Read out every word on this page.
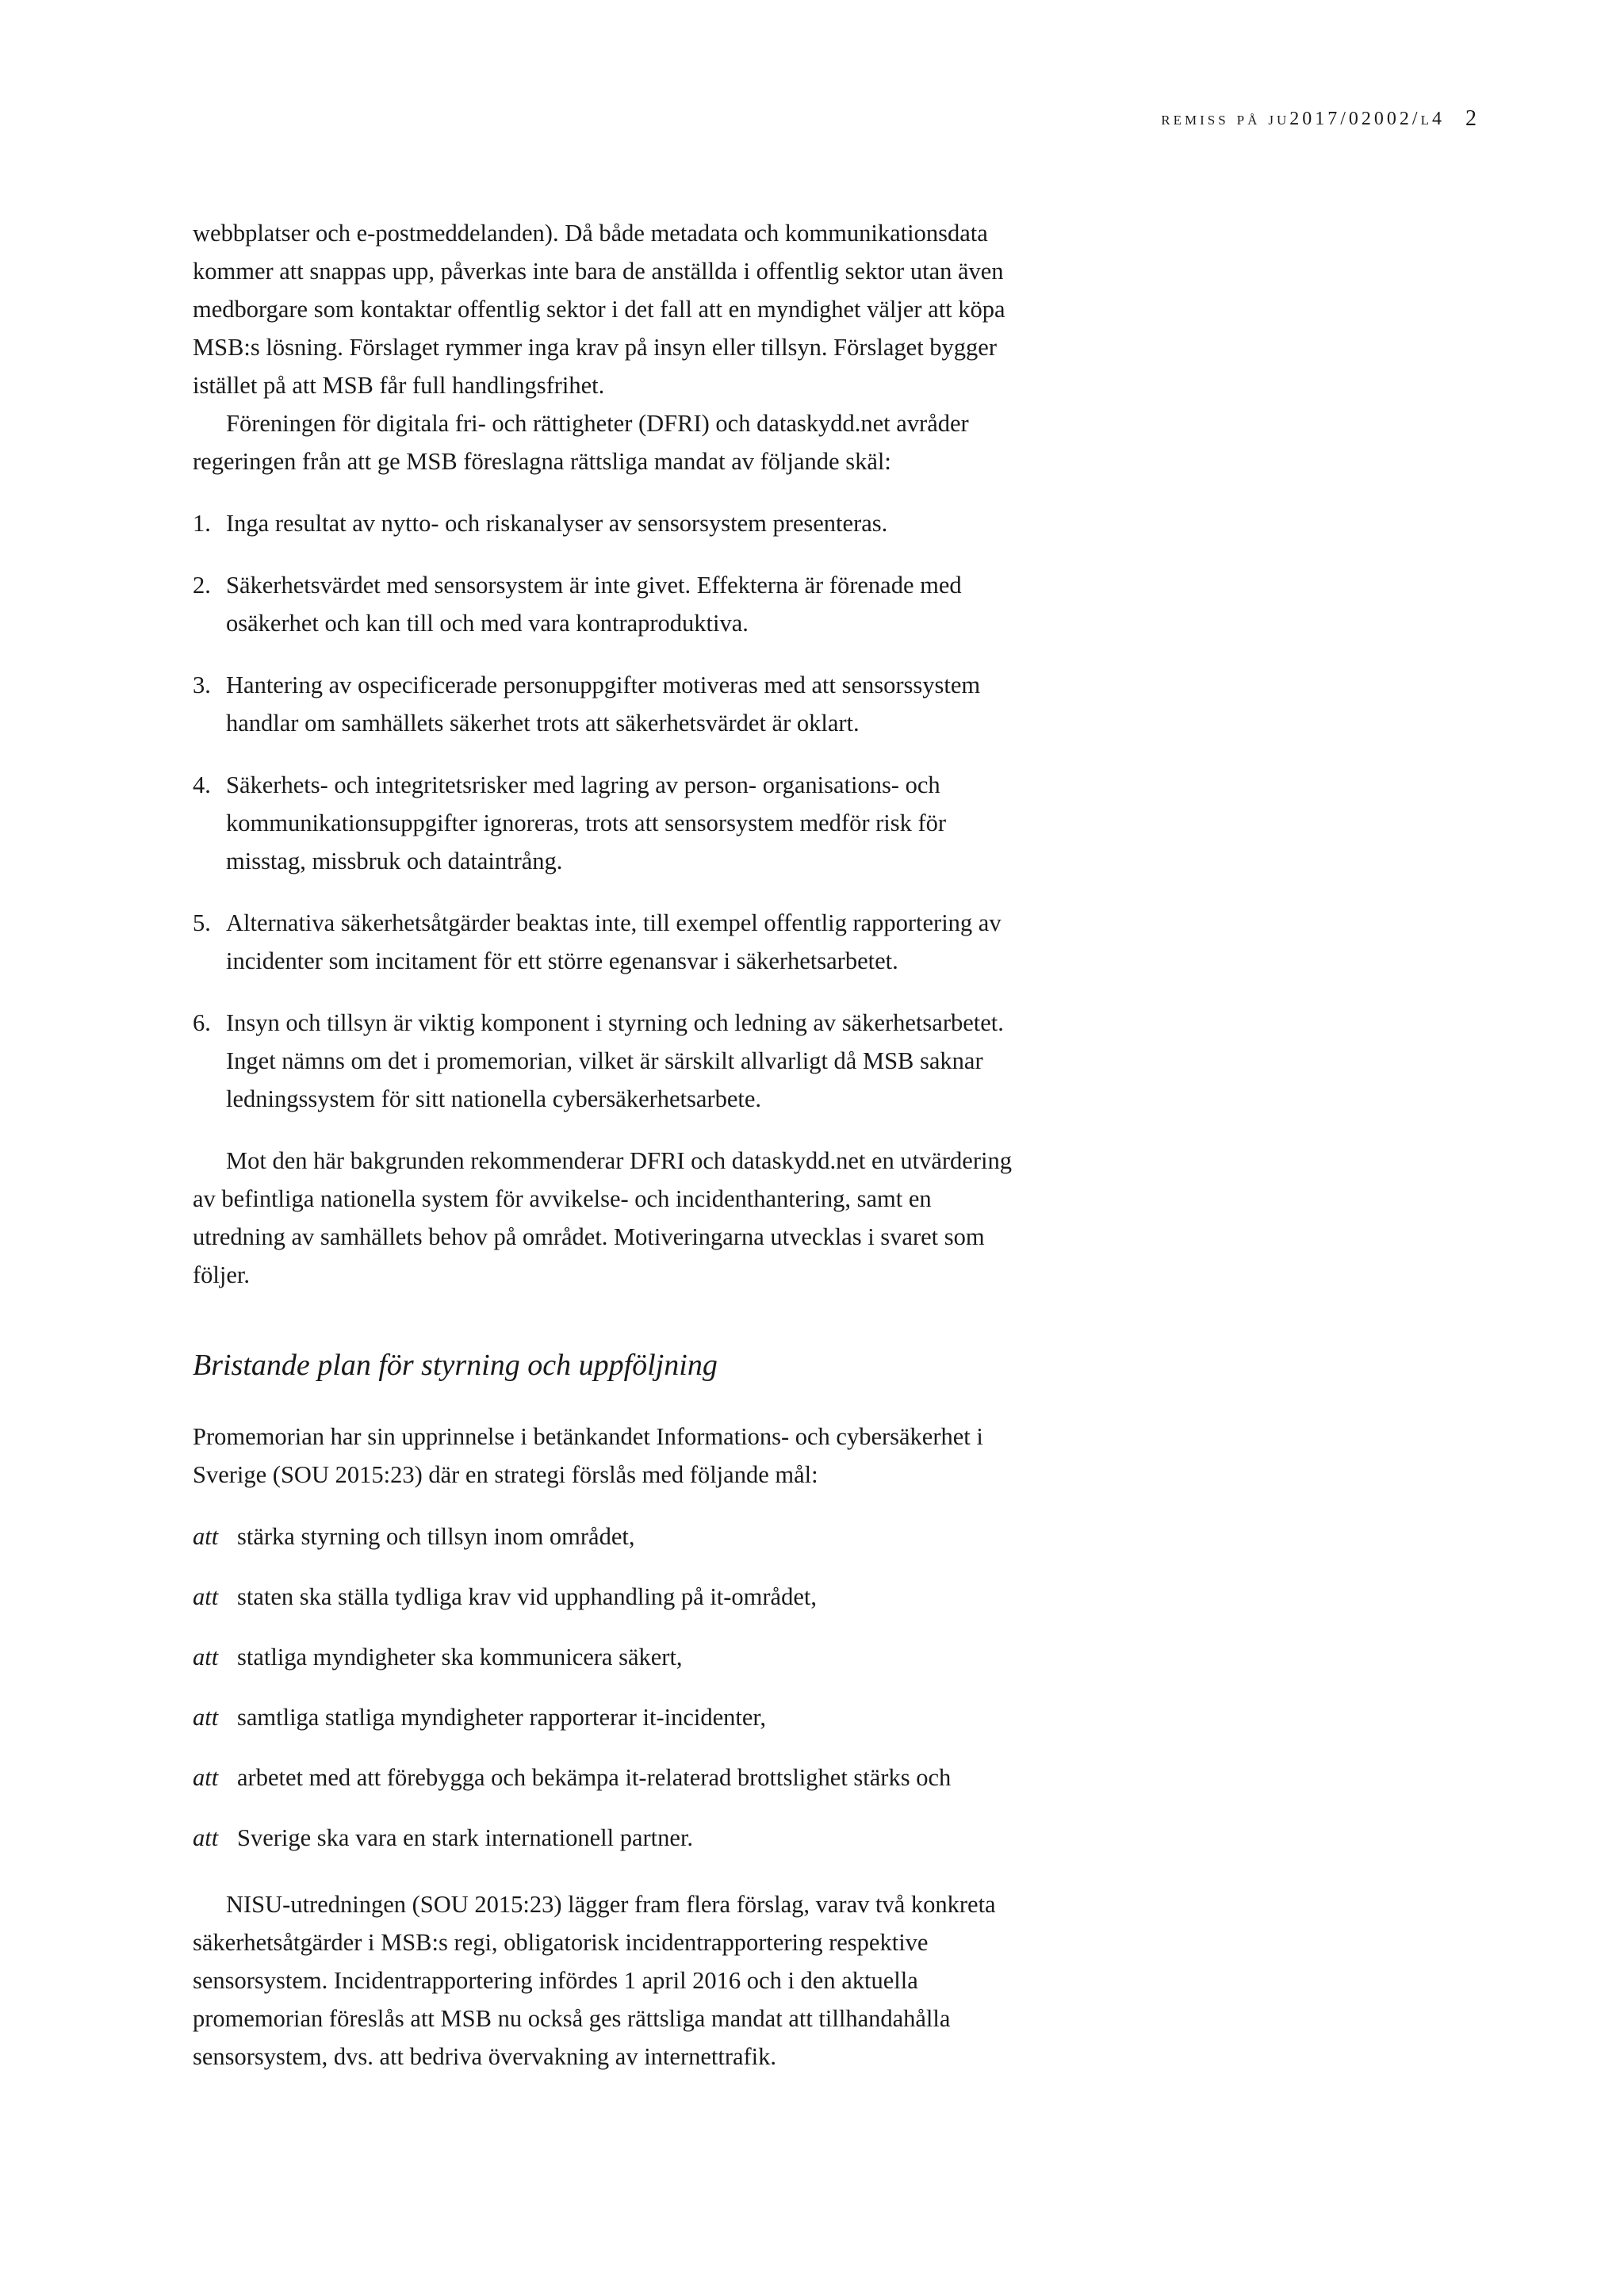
remiss på ju2017/02002/l4 2

webbplatser och e-postmeddelanden). Då både metadata och kommunikationsdata kommer att snappas upp, påverkas inte bara de anställda i offentlig sektor utan även medborgare som kontaktar offentlig sektor i det fall att en myndighet väljer att köpa MSB:s lösning. Förslaget rymmer inga krav på insyn eller tillsyn. Förslaget bygger istället på att MSB får full handlingsfrihet.

Föreningen för digitala fri- och rättigheter (DFRI) och dataskydd.net avråder regeringen från att ge MSB föreslagna rättsliga mandat av följande skäl:

1. Inga resultat av nytto- och riskanalyser av sensorsystem presenteras.
2. Säkerhetsvärdet med sensorsystem är inte givet. Effekterna är förenade med osäkerhet och kan till och med vara kontraproduktiva.
3. Hantering av ospecificerade personuppgifter motiveras med att sensorssystem handlar om samhällets säkerhet trots att säkerhetsvärdet är oklart.
4. Säkerhets- och integritetsrisker med lagring av person- organisations- och kommunikationsuppgifter ignoreras, trots att sensorsystem medför risk för misstag, missbruk och dataintrång.
5. Alternativa säkerhetsåtgärder beaktas inte, till exempel offentlig rapportering av incidenter som incitament för ett större egenansvar i säkerhetsarbetet.
6. Insyn och tillsyn är viktig komponent i styrning och ledning av säkerhetsarbetet. Inget nämns om det i promemorian, vilket är särskilt allvarligt då MSB saknar ledningssystem för sitt nationella cybersäkerhetsarbete.

Mot den här bakgrunden rekommenderar DFRI och dataskydd.net en utvärdering av befintliga nationella system för avvikelse- och incidenthantering, samt en utredning av samhällets behov på området. Motiveringarna utvecklas i svaret som följer.

Bristande plan för styrning och uppföljning

Promemorian har sin upprinnelse i betänkandet Informations- och cybersäkerhet i Sverige (SOU 2015:23) där en strategi förslås med följande mål:

att stärka styrning och tillsyn inom området,
att staten ska ställa tydliga krav vid upphandling på it-området,
att statliga myndigheter ska kommunicera säkert,
att samtliga statliga myndigheter rapporterar it-incidenter,
att arbetet med att förebygga och bekämpa it-relaterad brottslighet stärks och
att Sverige ska vara en stark internationell partner.

NISU-utredningen (SOU 2015:23) lägger fram flera förslag, varav två konkreta säkerhetsåtgärder i MSB:s regi, obligatorisk incidentrapportering respektive sensorsystem. Incidentrapportering infördes 1 april 2016 och i den aktuella promemorian föreslås att MSB nu också ges rättsliga mandat att tillhandahålla sensorsystem, dvs. att bedriva övervakning av internettrafik.
